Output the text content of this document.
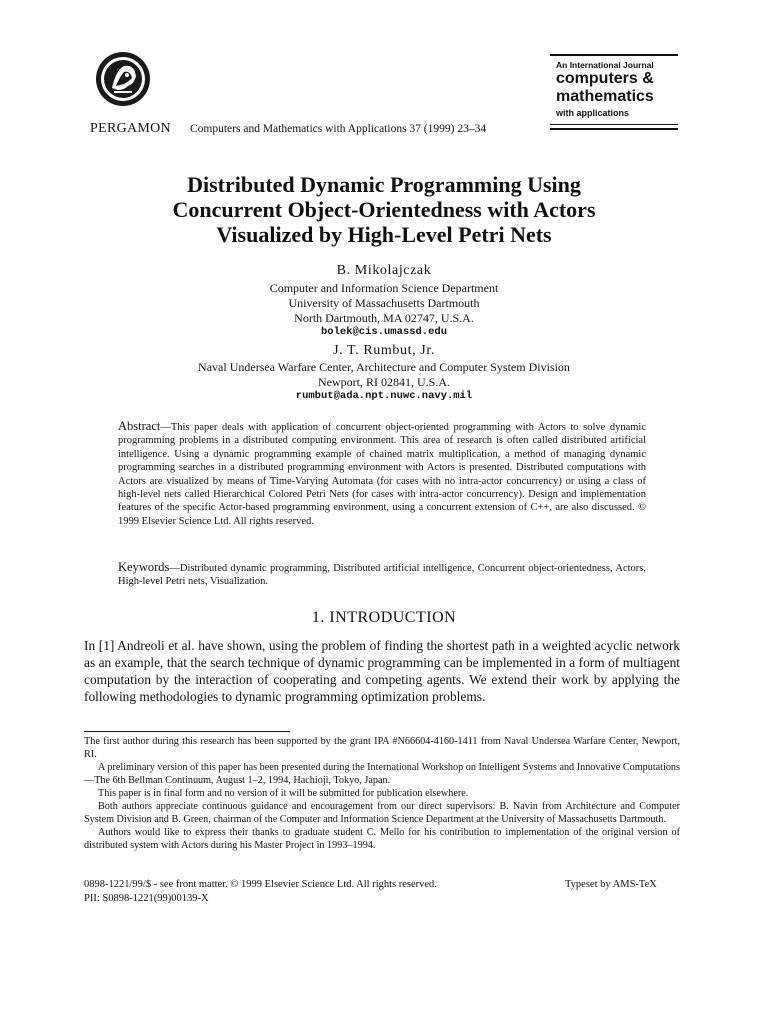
PERGAMON Computers and Mathematics with Applications 37 (1999) 23–34
An International Journal
computers &
mathematics
with applications
Distributed Dynamic Programming Using
Concurrent Object-Orientedness with Actors
Visualized by High-Level Petri Nets
B. Mikolajczak
Computer and Information Science Department
University of Massachusetts Dartmouth
North Dartmouth, MA 02747, U.S.A.
bolek@cis.umassd.edu
J. T. Rumbut, Jr.
Naval Undersea Warfare Center, Architecture and Computer System Division
Newport, RI 02841, U.S.A.
rumbut@ada.npt.nuwc.navy.mil
Abstract—This paper deals with application of concurrent object-oriented programming with Actors to solve dynamic programming problems in a distributed computing environment. This area of research is often called distributed artificial intelligence. Using a dynamic programming example of chained matrix multiplication, a method of managing dynamic programming searches in a distributed programming environment with Actors is presented. Distributed computations with Actors are visualized by means of Time-Varying Automata (for cases with no intra-actor concurrency) or using a class of high-level nets called Hierarchical Colored Petri Nets (for cases with intra-actor concurrency). Design and implementation features of the specific Actor-based programming environment, using a concurrent extension of C++, are also discussed. © 1999 Elsevier Science Ltd. All rights reserved.
Keywords—Distributed dynamic programming, Distributed artificial intelligence, Concurrent object-orientedness, Actors, High-level Petri nets, Visualization.
1. INTRODUCTION
In [1] Andreoli et al. have shown, using the problem of finding the shortest path in a weighted acyclic network as an example, that the search technique of dynamic programming can be implemented in a form of multiagent computation by the interaction of cooperating and competing agents. We extend their work by applying the following methodologies to dynamic programming optimization problems.

The first author during this research has been supported by the grant IPA #N66604-4160-1411 from Naval Undersea Warfare Center, Newport, RI.

A preliminary version of this paper has been presented during the International Workshop on Intelligent Systems and Innovative Computations—The 6th Bellman Continuum, August 1–2, 1994, Hachioji, Tokyo, Japan.

This paper is in final form and no version of it will be submitted for publication elsewhere.

Both authors appreciate continuous guidance and encouragement from our direct supervisors: B. Navin from Architecture and Computer System Division and B. Green, chairman of the Computer and Information Science Department at the University of Massachusetts Dartmouth.

Authors would like to express their thanks to graduate student C. Mello for his contribution to implementation of the original version of distributed system with Actors during his Master Project in 1993–1994.

0898-1221/99/$ - see front matter. © 1999 Elsevier Science Ltd. All rights reserved.	Typeset by AMS-TeX
PII: S0898-1221(99)00139-X
